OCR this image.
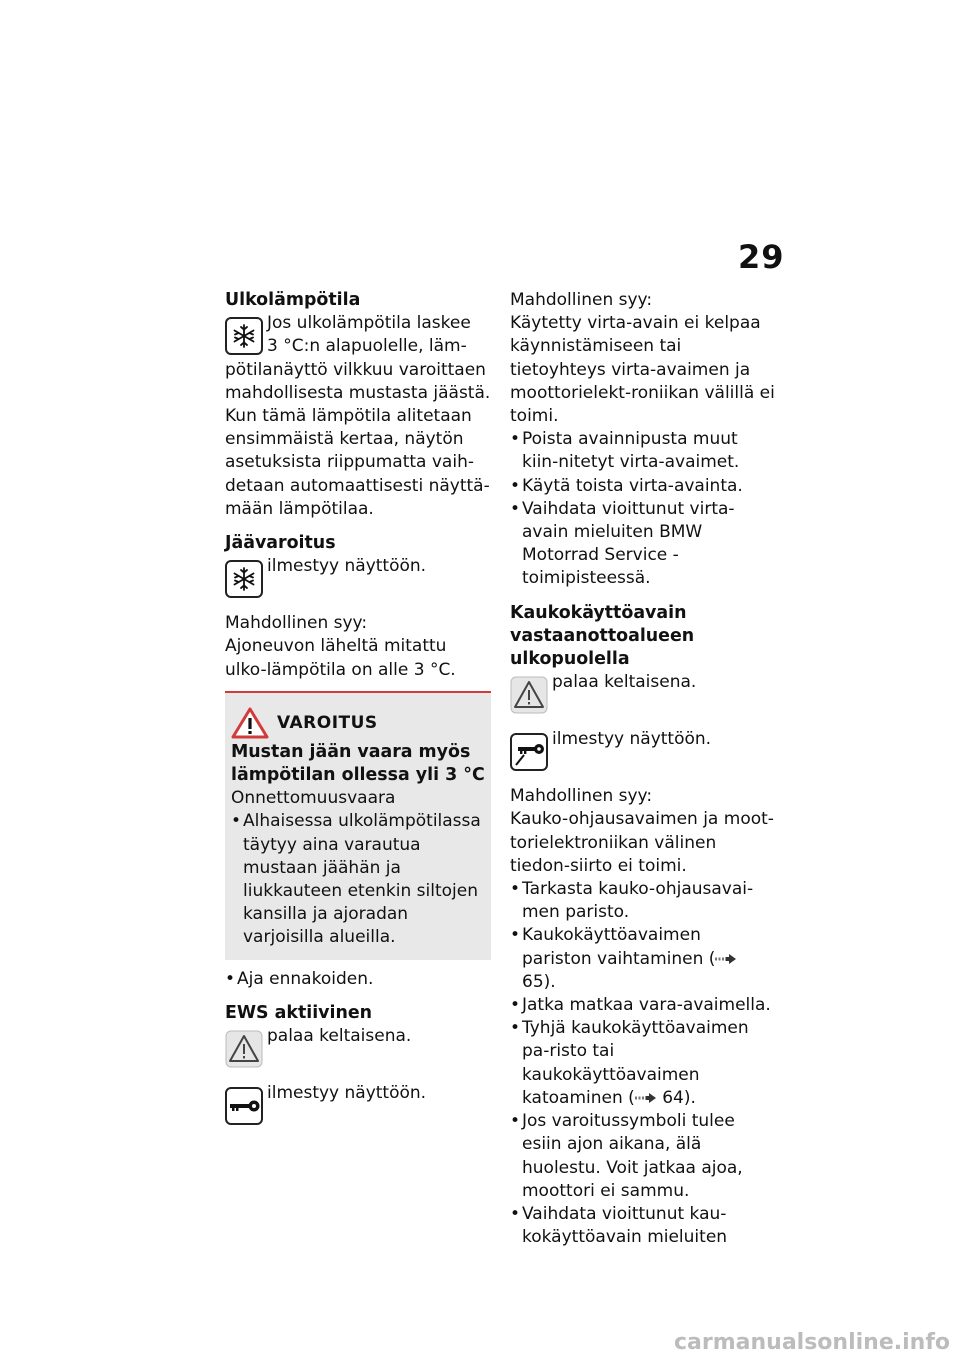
29
Ulkolämpötila
Jos ulkolämpötila laskee
3 °C:n alapuolelle, läm-
pötilanäyttö vilkkuu varoittaen mahdollisesta mustasta jäästä. Kun tämä lämpötila alitetaan ensimmäistä kertaa, näytön asetuksista riippumatta vaih-detaan automaattisesti näyttä-mään lämpötilaa.
Jäävaroitus
ilmestyy näyttöön.
Mahdollinen syy:
Ajoneuvon läheltä mitattu ulko-lämpötila on alle 3 °C.
VAROITUS
Mustan jään vaara myös lämpötilan ollessa yli 3 °C
Onnettomuusvaara
• Alhaisessa ulkolämpötilassa täytyy aina varautua mustaan jäähän ja liukkauteen etenkin siltojen kansilla ja ajoradan varjoisilla alueilla.
• Aja ennakoiden.
EWS aktiivinen
palaa keltaisena.
ilmestyy näyttöön.
Mahdollinen syy:
Käytetty virta-avain ei kelpaa käynnistämiseen tai tietoyhteys virta-avaimen ja moottorielekt-roniikan välillä ei toimi.
• Poista avainnipusta muut kiin-nitetyt virta-avaimet.
• Käytä toista virta-avainta.
• Vaihdata vioittunut virta-avain mieluiten BMW Motorrad Service -toimipisteessä.
Kaukokäyttöavain vastaanottoalueen ulkopuolella
palaa keltaisena.
ilmestyy näyttöön.
Mahdollinen syy:
Kauko-ohjausavaimen ja moot-torielektroniikan välinen tiedon-siirto ei toimi.
• Tarkasta kauko-ohjausavai-men paristo.
• Kaukokäyttöavaimen pariston vaihtaminen ( 65).
• Jatka matkaa vara-avaimella.
• Tyhjä kaukokäyttöavaimen pa-risto tai kaukokäyttöavaimen katoaminen ( 64).
• Jos varoitussymboli tulee esiin ajon aikana, älä huolestu. Voit jatkaa ajoa, moottori ei sammu.
• Vaihdata vioittunut kau-kokäyttöavain mieluiten
carmanualsonline.info
